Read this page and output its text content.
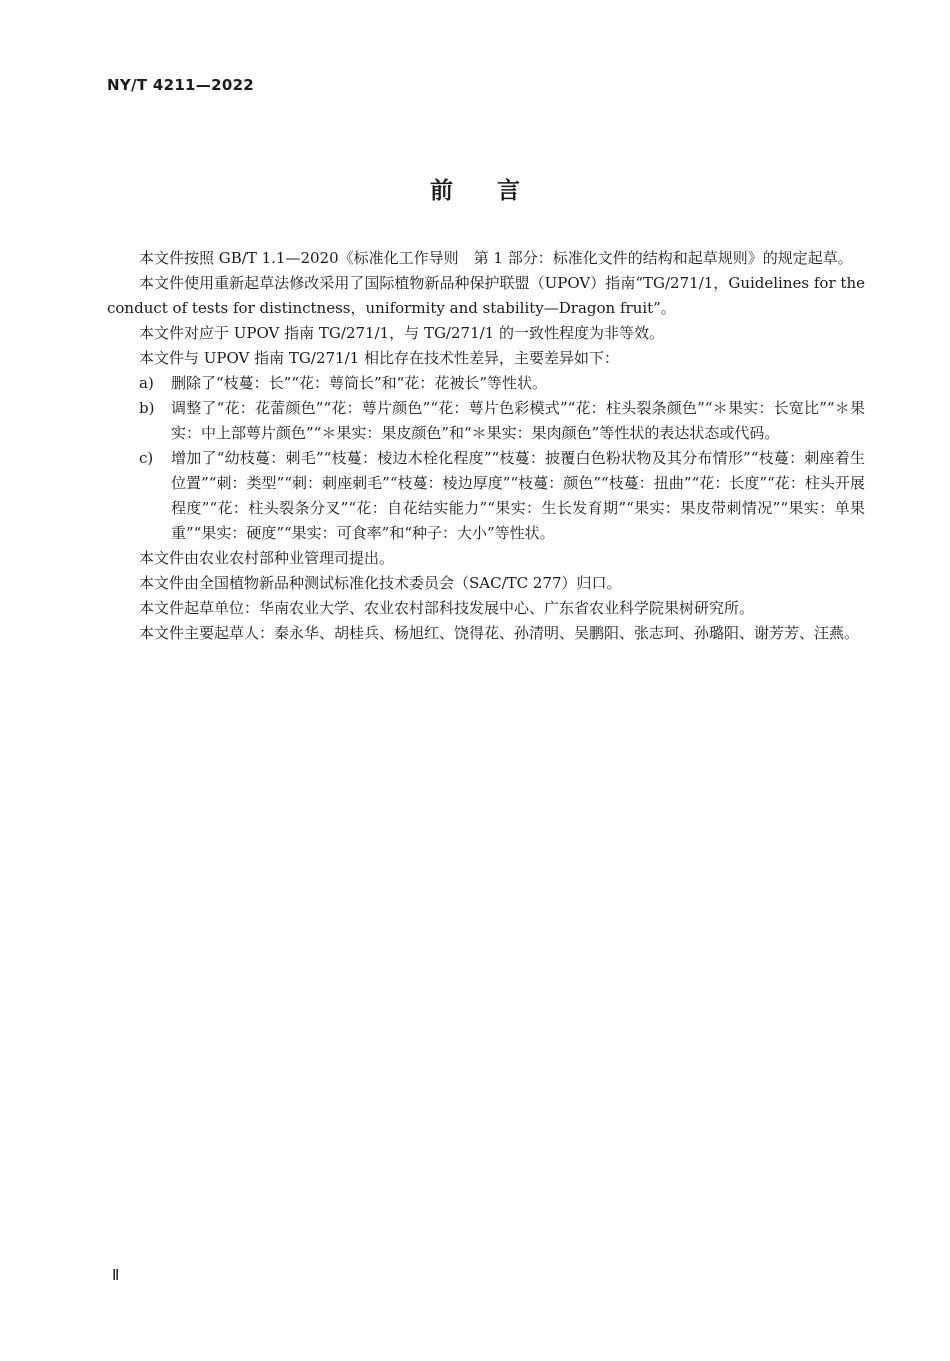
NY/T 4211—2022
前 言

本文件按照 GB/T 1.1—2020《标准化工作导则　第 1 部分：标准化文件的结构和起草规则》的规定起草。

本文件使用重新起草法修改采用了国际植物新品种保护联盟（UPOV）指南“TG/271/1，Guidelines for the conduct of tests for distinctness，uniformity and stability—Dragon fruit”。

本文件对应于 UPOV 指南 TG/271/1，与 TG/271/1 的一致性程度为非等效。

本文件与 UPOV 指南 TG/271/1 相比存在技术性差异，主要差异如下：

a) 删除了“枝蔓：长”“花：萼筒长”和“花：花被长”等性状。
b) 调整了“花：花蕾颜色”“花：萼片颜色”“花：萼片色彩模式”“花：柱头裂条颜色”“＊果实：长宽比”“＊果实：中上部萼片颜色”“＊果实：果皮颜色”和“＊果实：果肉颜色”等性状的表达状态或代码。
c) 增加了“幼枝蔓：刺毛”“枝蔓：棱边木栓化程度”“枝蔓：披覆白色粉状物及其分布情形”“枝蔓：刺座着生位置”“刺：类型”“刺：刺座刺毛”“枝蔓：棱边厚度”“枝蔓：颜色”“枝蔓：扭曲”“花：长度”“花：柱头开展程度”“花：柱头裂条分叉”“花：自花结实能力”“果实：生长发育期”“果实：果皮带刺情况”“果实：单果重”“果实：硬度”“果实：可食率”和“种子：大小”等性状。

本文件由农业农村部种业管理司提出。

本文件由全国植物新品种测试标准化技术委员会（SAC/TC 277）归口。

本文件起草单位：华南农业大学、农业农村部科技发展中心、广东省农业科学院果树研究所。

本文件主要起草人：秦永华、胡桂兵、杨旭红、饶得花、孙清明、吴鹏阳、张志珂、孙璐阳、谢芳芳、汪燕。

Ⅱ
